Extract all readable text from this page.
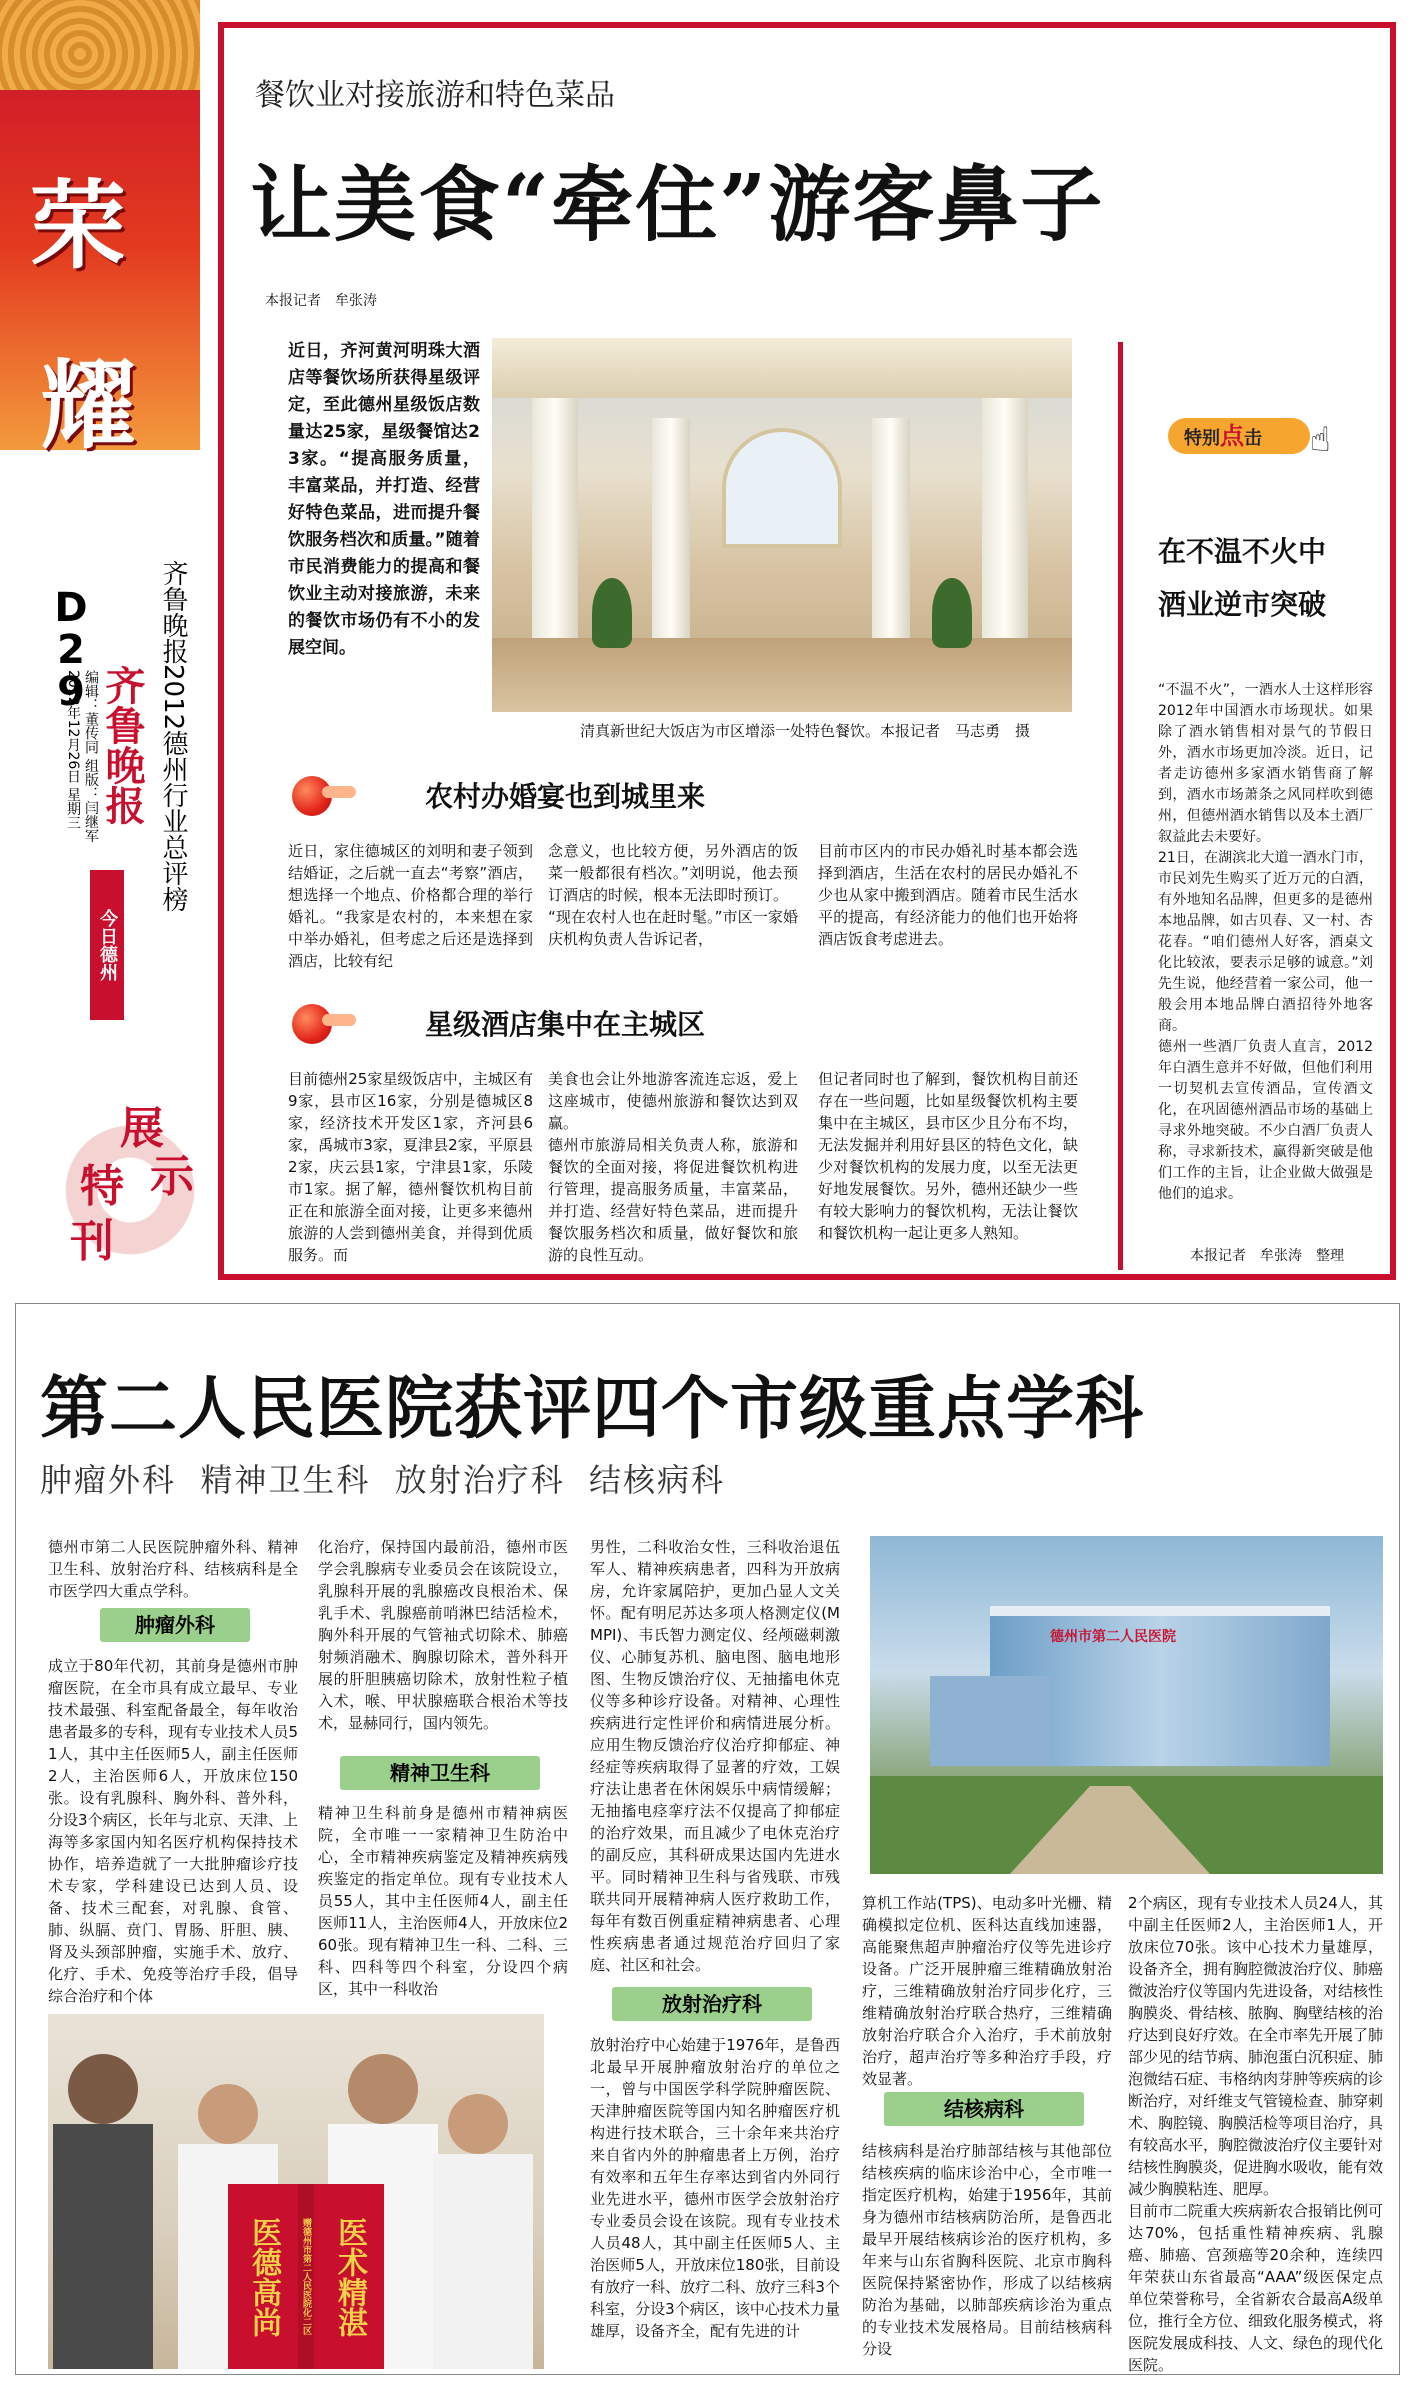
荣
耀
D29 齐鲁晚报2012德州行业总评榜
编辑：董传同 组版：闫继军
2012年12月26日 星期三 齐鲁晚报
今日德州
展
示
特
刊
餐饮业对接旅游和特色菜品
让美食“牵住”游客鼻子
本报记者　牟张涛
近日，齐河黄河明珠大酒店等餐饮场所获得星级评定，至此德州星级饭店数量达25家，星级餐馆达23家。“提高服务质量，丰富菜品，并打造、经营好特色菜品，进而提升餐饮服务档次和质量。”随着市民消费能力的提高和餐饮业主动对接旅游，未来的餐饮市场仍有不小的发展空间。
清真新世纪大饭店为市区增添一处特色餐饮。本报记者　马志勇　摄
农村办婚宴也到城里来
近日，家住德城区的刘明和妻子领到结婚证，之后就一直去“考察”酒店，想选择一个地点、价格都合理的举行婚礼。“我家是农村的，本来想在家中举办婚礼，但考虑之后还是选择到酒店，比较有纪
念意义，也比较方便，另外酒店的饭菜一般都很有档次。”刘明说，他去预订酒店的时候，根本无法即时预订。
“现在农村人也在赶时髦。”市区一家婚庆机构负责人告诉记者，
目前市区内的市民办婚礼时基本都会选择到酒店，生活在农村的居民办婚礼不少也从家中搬到酒店。随着市民生活水平的提高，有经济能力的他们也开始将酒店饭食考虑进去。
星级酒店集中在主城区
目前德州25家星级饭店中，主城区有9家，县市区16家，分别是德城区8家，经济技术开发区1家，齐河县6家，禹城市3家，夏津县2家，平原县2家，庆云县1家，宁津县1家，乐陵市1家。据了解，德州餐饮机构目前正在和旅游全面对接，让更多来德州旅游的人尝到德州美食，并得到优质服务。而
美食也会让外地游客流连忘返，爱上这座城市，使德州旅游和餐饮达到双赢。
德州市旅游局相关负责人称，旅游和餐饮的全面对接，将促进餐饮机构进行管理，提高服务质量，丰富菜品，并打造、经营好特色菜品，进而提升餐饮服务档次和质量，做好餐饮和旅游的良性互动。
但记者同时也了解到，餐饮机构目前还存在一些问题，比如星级餐饮机构主要集中在主城区，县市区少且分布不均，无法发掘并利用好县区的特色文化，缺少对餐饮机构的发展力度，以至无法更好地发展餐饮。另外，德州还缺少一些有较大影响力的餐饮机构，无法让餐饮和餐饮机构一起让更多人熟知。
特别点击	☝
在不温不火中
酒业逆市突破
“不温不火”，一酒水人士这样形容2012年中国酒水市场现状。如果除了酒水销售相对景气的节假日外，酒水市场更加冷淡。近日，记者走访德州多家酒水销售商了解到，酒水市场萧条之风同样吹到德州，但德州酒水销售以及本土酒厂叙益此去未要好。
21日，在湖滨北大道一酒水门市，市民刘先生购买了近万元的白酒，有外地知名品牌，但更多的是德州本地品牌，如古贝春、又一村、杏花春。“咱们德州人好客，酒桌文化比较浓，要表示足够的诚意。”刘先生说，他经营着一家公司，他一般会用本地品牌白酒招待外地客商。
德州一些酒厂负责人直言，2012年白酒生意并不好做，但他们利用一切契机去宣传酒品，宣传酒文化，在巩固德州酒品市场的基础上寻求外地突破。不少白酒厂负责人称，寻求新技术，赢得新突破是他们工作的主旨，让企业做大做强是他们的追求。
本报记者　牟张涛　整理
第二人民医院获评四个市级重点学科
肿瘤外科  精神卫生科  放射治疗科  结核病科
德州市第二人民医院肿瘤外科、精神卫生科、放射治疗科、结核病科是全市医学四大重点学科。
肿瘤外科
成立于80年代初，其前身是德州市肿瘤医院，在全市具有成立最早、专业技术最强、科室配备最全，每年收治患者最多的专科，现有专业技术人员51人，其中主任医师5人，副主任医师2人，主治医师6人，开放床位150张。设有乳腺科、胸外科、普外科，分设3个病区，长年与北京、天津、上海等多家国内知名医疗机构保持技术协作，培养造就了一大批肿瘤诊疗技术专家，学科建设已达到人员、设备、技术三配套，对乳腺、食管、肺、纵膈、贲门、胃肠、肝胆、胰、肾及头颈部肿瘤，实施手术、放疗、化疗、手术、免疫等治疗手段，倡导综合治疗和个体
化治疗，保持国内最前沿，德州市医学会乳腺病专业委员会在该院设立，乳腺科开展的乳腺癌改良根治术、保乳手术、乳腺癌前哨淋巴结活检术，胸外科开展的气管袖式切除术、肺癌射频消融术、胸腺切除术，普外科开展的肝胆胰癌切除术，放射性粒子植入术，喉、甲状腺癌联合根治术等技术，显赫同行，国内领先。
精神卫生科
精神卫生科前身是德州市精神病医院，全市唯一一家精神卫生防治中心，全市精神疾病鉴定及精神疾病残疾鉴定的指定单位。现有专业技术人员55人，其中主任医师4人，副主任医师11人，主治医师4人，开放床位260张。现有精神卫生一科、二科、三科、四科等四个科室，分设四个病区，其中一科收治
男性，二科收治女性，三科收治退伍军人、精神疾病患者，四科为开放病房，允许家属陪护，更加凸显人文关怀。配有明尼苏达多项人格测定仪(MMPI)、韦氏智力测定仪、经颅磁刺激仪、心肺复苏机、脑电图、脑电地形图、生物反馈治疗仪、无抽搐电休克仪等多种诊疗设备。对精神、心理性疾病进行定性评价和病情进展分析。应用生物反馈治疗仪治疗抑郁症、神经症等疾病取得了显著的疗效，工娱疗法让患者在休闲娱乐中病情缓解；无抽搐电痉挛疗法不仅提高了抑郁症的治疗效果，而且减少了电休克治疗的副反应，其科研成果达国内先进水平。同时精神卫生科与省残联、市残联共同开展精神病人医疗救助工作，每年有数百例重症精神病患者、心理性疾病患者通过规范治疗回归了家庭、社区和社会。
放射治疗科
放射治疗中心始建于1976年，是鲁西北最早开展肿瘤放射治疗的单位之一，曾与中国医学科学院肿瘤医院、天津肿瘤医院等国内知名肿瘤医疗机构进行技术联合，三十余年来共治疗来自省内外的肿瘤患者上万例，治疗有效率和五年生存率达到省内外同行业先进水平，德州市医学会放射治疗专业委员会设在该院。现有专业技术人员48人，其中副主任医师5人、主治医师5人，开放床位180张，目前设有放疗一科、放疗二科、放疗三科3个科室，分设3个病区，该中心技术力量雄厚，设备齐全，配有先进的计
德州市第二人民医院
算机工作站(TPS)、电动多叶光栅、精确模拟定位机、医科达直线加速器，高能聚焦超声肿瘤治疗仪等先进诊疗设备。广泛开展肿瘤三维精确放射治疗，三维精确放射治疗同步化疗，三维精确放射治疗联合热疗，三维精确放射治疗联合介入治疗，手术前放射治疗，超声治疗等多种治疗手段，疗效显著。
结核病科
结核病科是治疗肺部结核与其他部位结核疾病的临床诊治中心，全市唯一指定医疗机构，始建于1956年，其前身为德州市结核病防治所，是鲁西北最早开展结核病诊治的医疗机构，多年来与山东省胸科医院、北京市胸科医院保持紧密协作，形成了以结核病防治为基础，以肺部疾病诊治为重点的专业技术发展格局。目前结核病科分设
2个病区，现有专业技术人员24人，其中副主任医师2人，主治医师1人，开放床位70张。该中心技术力量雄厚，设备齐全，拥有胸腔微波治疗仪、肺癌微波治疗仪等国内先进设备，对结核性胸膜炎、骨结核、脓胸、胸壁结核的治疗达到良好疗效。在全市率先开展了肺部少见的结节病、肺泡蛋白沉积症、肺泡微结石症、韦格纳肉芽肿等疾病的诊断治疗，对纤维支气管镜检查、肺穿刺术、胸腔镜、胸膜活检等项目治疗，具有较高水平，胸腔微波治疗仪主要针对结核性胸膜炎，促进胸水吸收，能有效减少胸膜粘连、肥厚。
目前市二院重大疾病新农合报销比例可达70%，包括重性精神疾病、乳腺癌、肺癌、宫颈癌等20余种，连续四年荣获山东省最高“AAA”级医保定点单位荣誉称号，全省新农合最高A级单位，推行全方位、细致化服务模式，将医院发展成科技、人文、绿色的现代化医院。
医德高尚	赠德州市第二人民医院化二区 医术精湛
